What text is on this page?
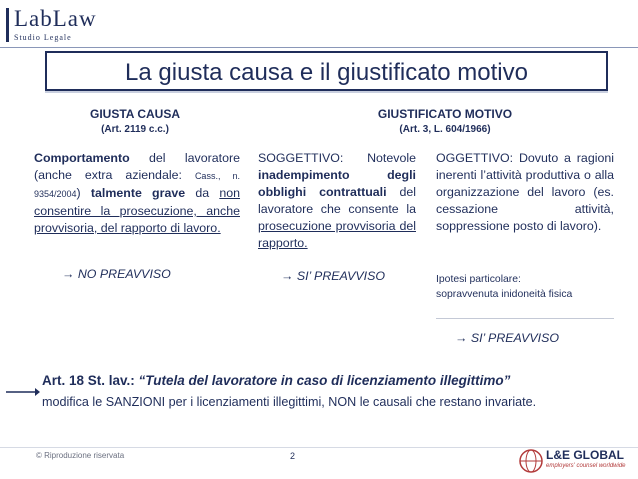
LabLaw
Studio Legale
La giusta causa e il giustificato motivo
GIUSTA CAUSA
(Art. 2119 c.c.)
GIUSTIFICATO MOTIVO
(Art. 3, L. 604/1966)
Comportamento del lavoratore (anche extra aziendale: Cass., n. 9354/2004) talmente grave da non consentire la prosecuzione, anche provvisoria, del rapporto di lavoro.
→ NO PREAVVISO
SOGGETTIVO: Notevole inadempimento degli obblighi contrattuali del lavoratore che consente la prosecuzione provvisoria del rapporto.
→ SI’ PREAVVISO
OGGETTIVO: Dovuto a ragioni inerenti l’attività produttiva o alla organizzazione del lavoro (es. cessazione attività, soppressione posto di lavoro).
Ipotesi particolare:
sopravvenuta inidoneità fisica
→ SI’ PREAVVISO
Art. 18 St. lav.: “Tutela del lavoratore in caso di licenziamento illegittimo”
modifica le SANZIONI per i licenziamenti illegittimi, NON le causali che restano invariate.
© Riproduzione riservata	2	L&E GLOBAL
employers' counsel worldwide
